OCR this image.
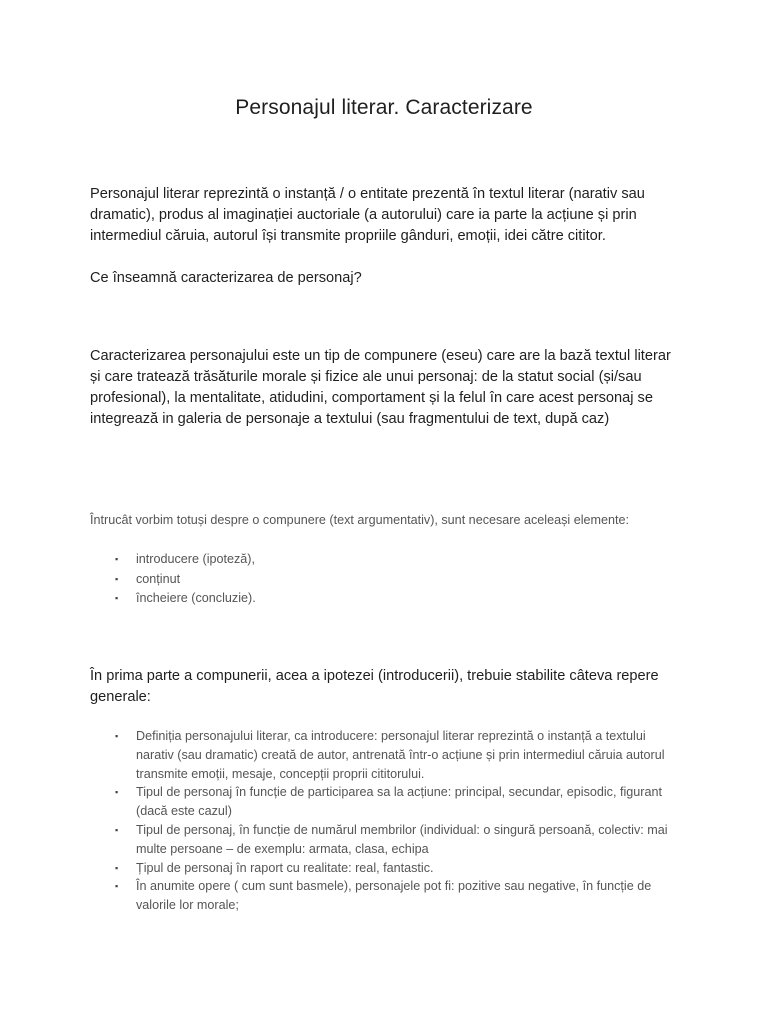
Personajul literar. Caracterizare

Personajul literar reprezintă o instanță / o entitate prezentă în textul literar (narativ sau dramatic), produs al imaginației auctoriale (a autorului) care ia parte la acțiune și prin intermediul căruia, autorul își transmite propriile gânduri, emoții, idei către cititor.

Ce înseamnă caracterizarea de personaj?

Caracterizarea personajului este un tip de compunere (eseu) care are la bază textul literar și care tratează trăsăturile morale și fizice ale unui personaj: de la statut social (și/sau profesional), la mentalitate, atidudini, comportament și la felul în care acest personaj se integrează in galeria de personaje a textului (sau fragmentului de text, după caz)

Întrucât vorbim totuși despre o compunere (text argumentativ), sunt necesare aceleași elemente:

▪	introducere (ipoteză),
▪	conținut
▪	încheiere (concluzie).

În prima parte a compunerii, acea a ipotezei (introducerii), trebuie stabilite câteva repere generale:

▪	Definiția personajului literar, ca introducere: personajul literar reprezintă o instanță a textului narativ (sau dramatic) creată de autor, antrenată într-o acțiune și prin intermediul căruia autorul transmite emoții, mesaje, concepții proprii cititorului.
▪	Tipul de personaj în funcție de participarea sa la acțiune: principal, secundar, episodic, figurant (dacă este cazul)
▪	Tipul de personaj, în funcție de numărul membrilor (individual: o singură persoană, colectiv: mai multe persoane – de exemplu: armata, clasa, echipa
▪	Țipul de personaj în raport cu realitate: real, fantastic.
▪	În anumite opere ( cum sunt basmele), personajele pot fi: pozitive sau negative, în funcție de valorile lor morale;
